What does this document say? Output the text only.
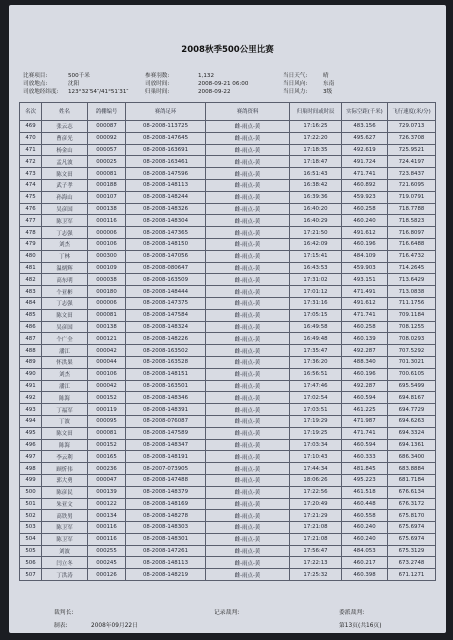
2008秋季500公里比赛
比赛项目:	500千米	参赛羽数:	1,132	当日天气:	晴
司放地点:	沈阳	司放时间:	2008-09-21 06:00	当日风向:	东南
司放地经纬度: 123°32′54″/41°51′31″	归巢时间:	2008-09-22	当日风力:	3级
名次	姓名	鸽棚编号	赛鸽足环	赛鸽资料	归巢时间或时辰	实际空距(千米)	飞行速度(米/分)
469	张云志	000087	08-2008-113725	雌-雨点-黄	17:16:25	483.156	729.0713
470	曹彦光	000092	08-2008-147645	雌-雨点-黄	17:22:20	495.627	726.3708
471	杨金山	000057	08-2008-163691	雌-雨点-黄	17:18:35	492.619	725.9521
472	孟凡波	000025	08-2008-163461	雌-雨点-黄	17:18:47	491.724	724.4197
473	陈文田	000081	08-2008-147596	雌-雨点-黄	16:51:43	471.741	723.8437
474	武子孝	000188	08-2008-148113	雌-雨点-黄	16:38:42	460.892	721.6095
475	孙海山	000107	08-2008-148244	雌-雨点-黄	16:39:36	459.923	719.0791
476	吴彦国	000138	08-2008-148326	雌-雨点-黄	16:40:20	460.258	718.7788
477	陈卫军	000116	08-2008-148304	雌-雨点-黄	16:40:29	460.240	718.5823
478	丁志强	000006	08-2008-147365	雌-雨点-黄	17:21:50	491.612	716.8097
479	刘杰	000106	08-2008-148150	雌-雨点-黄	16:42:09	460.196	716.6488
480	丁林	000300	08-2008-147056	雌-雨点-黄	17:15:41	484.109	716.4732
481	温炳辉	000109	08-2008-080647	雌-雨点-黄	16:43:53	459.903	714.2645
482	高东明	000038	08-2008-163509	雌-雨点-黄	17:31:02	493.151	713.6429
483	个亚彬	000180	08-2008-148444	雌-雨点-黄	17:01:12	471.491	713.0838
484	丁志强	000006	08-2008-147375	雌-雨点-黄	17:31:16	491.612	711.1756
485	陈文田	000081	08-2008-147584	雌-雨点-黄	17:05:15	471.741	709.1184
486	吴彦国	000138	08-2008-148324	雌-雨点-黄	16:49:58	460.258	708.1255
487	个广全	000121	08-2008-148226	雌-雨点-黄	16:49:48	460.139	708.0293
488	潘江	000042	08-2008-163502	雌-雨点-黄	17:35:47	492.287	707.5292
489	怀洪果	000044	08-2008-163528	雌-雨点-黄	17:36:20	488.340	701.3021
490	刘杰	000106	08-2008-148151	雌-雨点-黄	16:56:51	460.196	700.6105
491	潘江	000042	08-2008-163501	雌-雨点-黄	17:47:46	492.287	695.5499
492	陈海	000152	08-2008-148346	雌-雨点-黄	17:02:54	460.594	694.8167
493	丁福军	000119	08-2008-148391	雌-雨点-黄	17:03:51	461.225	694.7729
494	丁波	000095	08-2008-076087	雌-雨点-黄	17:19:29	471.987	694.6263
495	陈文田	000081	08-2008-147589	雌-雨点-黄	17:19:25	471.741	694.3324
496	陈海	000152	08-2008-148347	雌-雨点-黄	17:03:34	460.594	694.1361
497	李云利	000165	08-2008-148191	雌-雨点-黄	17:10:43	460.333	686.3400
498	顾忻伟	000236	08-2007-073905	雌-雨点-黄	17:44:34	481.845	683.8884
499	郭大勇	000047	08-2008-147488	雌-雨点-黄	18:06:26	495.223	681.7184
500	陈彦民	000139	08-2008-148379	雌-雨点-黄	17:22:56	461.518	676.6134
501	朱亚文	000122	08-2008-148169	雌-雨点-黄	17:20:49	460.448	676.3172
502	高铁男	000134	08-2008-148278	雌-雨点-黄	17:21:29	460.558	675.8170
503	陈卫军	000116	08-2008-148303	雌-雨点-黄	17:21:08	460.240	675.6974
504	陈卫军	000116	08-2008-148301	雌-雨点-黄	17:21:08	460.240	675.6974
505	刘波	000255	08-2008-147261	雌-雨点-黄	17:56:47	484.053	675.3129
506	闫立冬	000245	08-2008-148113	雌-雨点-黄	17:22:13	460.217	673.2748
507	丁洪涛	000126	08-2008-148219	雌-雨点-黄	17:25:32	460.398	671.1271
裁判长:
制表:	2008年09月22日
记录裁判:	委派裁判:
第13页(共16页)
